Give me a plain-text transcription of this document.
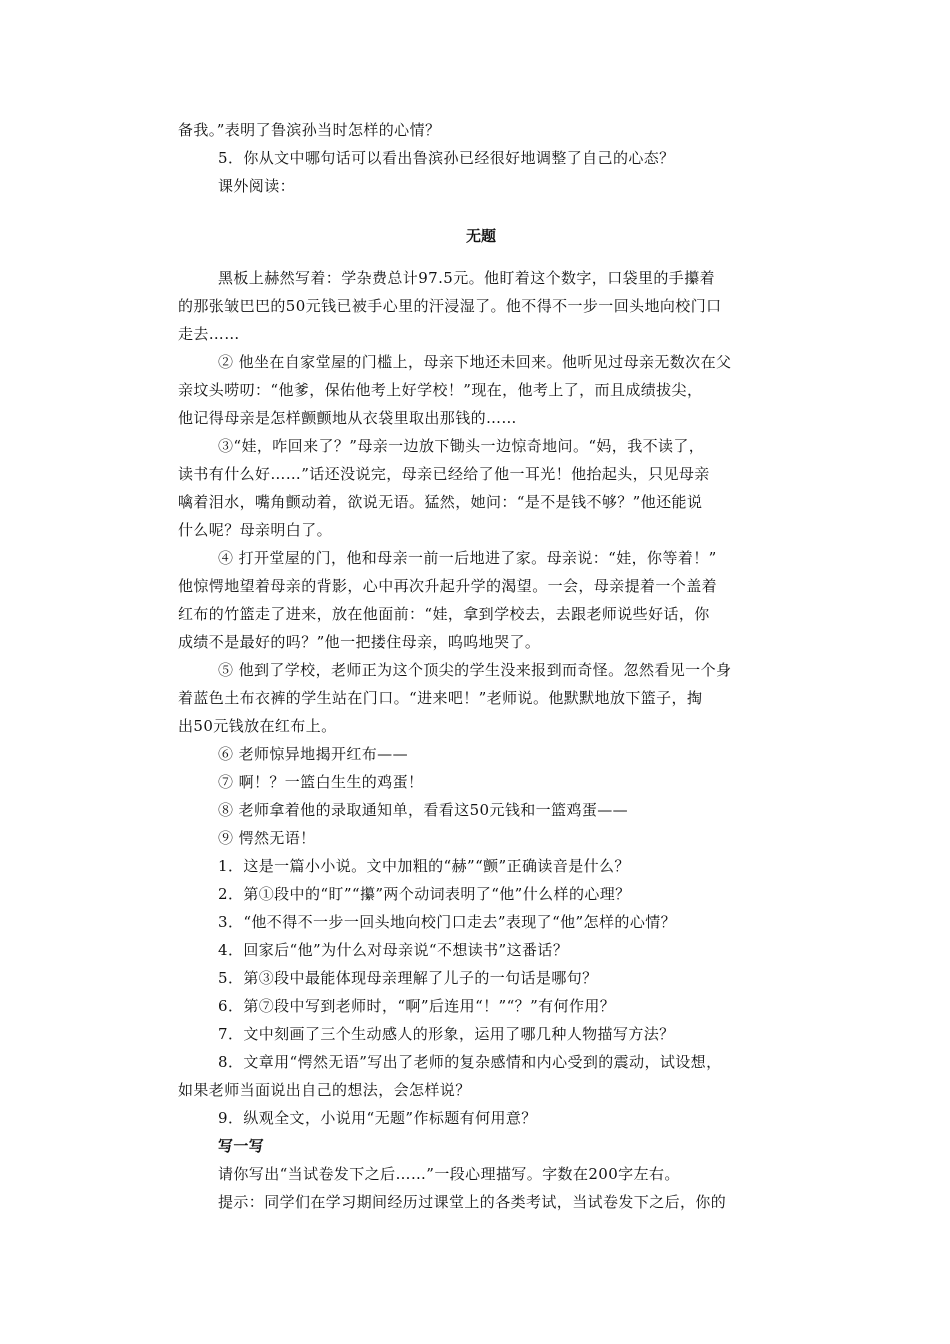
备我。”表明了鲁滨孙当时怎样的心情？
5．你从文中哪句话可以看出鲁滨孙已经很好地调整了自己的心态？
课外阅读：
无题
黑板上赫然写着：学杂费总计97.5元。他盯着这个数字，口袋里的手攥着
的那张皱巴巴的50元钱已被手心里的汗浸湿了。他不得不一步一回头地向校门口
走去……
② 他坐在自家堂屋的门槛上，母亲下地还未回来。他听见过母亲无数次在父
亲坟头唠叨：“他爹，保佑他考上好学校！”现在，他考上了，而且成绩拔尖，
他记得母亲是怎样颤颤地从衣袋里取出那钱的……
③“娃，咋回来了？”母亲一边放下锄头一边惊奇地问。“妈，我不读了，
读书有什么好……”话还没说完，母亲已经给了他一耳光！他抬起头，只见母亲
噙着泪水，嘴角颤动着，欲说无语。猛然，她问：“是不是钱不够？”他还能说
什么呢？母亲明白了。
④ 打开堂屋的门，他和母亲一前一后地进了家。母亲说：“娃，你等着！”
他惊愕地望着母亲的背影，心中再次升起升学的渴望。一会，母亲提着一个盖着
红布的竹篮走了进来，放在他面前：“娃，拿到学校去，去跟老师说些好话，你
成绩不是最好的吗？”他一把搂住母亲，呜呜地哭了。
⑤ 他到了学校，老师正为这个顶尖的学生没来报到而奇怪。忽然看见一个身
着蓝色土布衣裤的学生站在门口。“进来吧！”老师说。他默默地放下篮子，掏
出50元钱放在红布上。
⑥ 老师惊异地揭开红布——
⑦ 啊！？一篮白生生的鸡蛋！
⑧ 老师拿着他的录取通知单，看看这50元钱和一篮鸡蛋——
⑨ 愕然无语！
1．这是一篇小小说。文中加粗的“赫”“颤”正确读音是什么？
2．第①段中的“盯”“攥”两个动词表明了“他”什么样的心理？
3．“他不得不一步一回头地向校门口走去”表现了“他”怎样的心情？
4．回家后“他”为什么对母亲说“不想读书”这番话？
5．第③段中最能体现母亲理解了儿子的一句话是哪句？
6．第⑦段中写到老师时，“啊”后连用“！”“？”有何作用？
7．文中刻画了三个生动感人的形象，运用了哪几种人物描写方法？
8．文章用“愕然无语”写出了老师的复杂感情和内心受到的震动，试设想，
如果老师当面说出自己的想法，会怎样说？
9．纵观全文，小说用“无题”作标题有何用意？
写一写
请你写出“当试卷发下之后……”一段心理描写。字数在200字左右。
提示：同学们在学习期间经历过课堂上的各类考试，当试卷发下之后，你的
